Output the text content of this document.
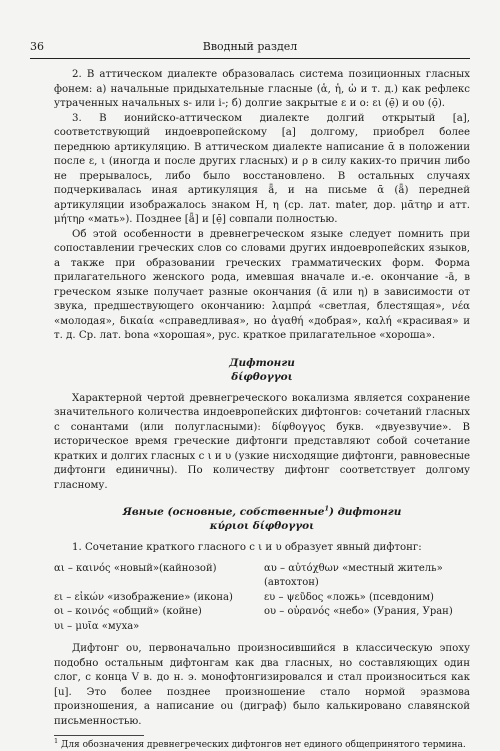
36	Вводный раздел

2. В аттическом диалекте образовалась система позиционных гласных фонем: а) начальные придыхательные гласные (ἁ, ἡ, ὡ и т. д.) как рефлекс утраченных начальных s- или i-; б) долгие закрытые ε и ο: ει (ẹ̄) и ου (ọ̄).

3. В ионийско-аттическом диалекте долгий открытый [a], соответствующий индоевропейскому [a] долгому, приобрел более переднюю артикуляцию. В аттическом диалекте написание ᾱ в положении после ε, ι (иногда и после других гласных) и ρ в силу каких-то причин либо не прерывалось, либо было восстановлено. В остальных случаях подчеркивалась иная артикуляция ǟ, и на письме ᾱ (ǟ) передней артикуляции изображалось знаком Η, η (ср. лат. mater, дор. μᾱτηρ и атт. μήτηρ «мать»). Позднее [ǟ] и [ẹ̄] совпали полностью.

Об этой особенности в древнегреческом языке следует помнить при сопоставлении греческих слов со словами других индоевропейских языков, а также при образовании греческих грамматических форм. Форма прилагательного женского рода, имевшая вначале и.-е. окончание -ā, в греческом языке получает разные окончания (ᾱ или η) в зависимости от звука, предшествующего окончанию: λαμπρά «светлая, блестящая», νέα «молодая», δικαία «справедливая», но ἀγαθή «добрая», καλή «красивая» и т. д. Ср. лат. bona «хорошая», рус. краткое прилагательное «хороша».

Дифтонги
δίφθογγοι

Характерной чертой древнегреческого вокализма является сохранение значительного количества индоевропейских дифтонгов: сочетаний гласных с сонантами (или полугласными): δίφθογγος букв. «двуезвучие». В историческое время греческие дифтонги представляют собой сочетание кратких и долгих гласных с ι и υ (узкие нисходящие дифтонги, равновесные дифтонги единичны). По количеству дифтонг соответствует долгому гласному.

Явные (основные, собственные$^1$) дифтонги
κύριοι δίφθογγοι

1. Сочетание краткого гласного с ι и υ образует явный дифтонг:

αι – καινός «новый»(кайнозой)	αυ – αὐτόχθων «местный житель» (автохтон)
ει – εἰκών «изображение» (икона)	ευ – ψεῦδος «ложь» (псевдоним)
οι – κοινός «общий» (койне)	ου – οὐρανός «небо» (Урания, Уран)
υι – μυῖα «муха»

Дифтонг ου, первоначально произносившийся в классическую эпоху подобно остальным дифтонгам как два гласных, но составляющих один слог, с конца V в. до н. э. монофтонгизировался и стал произноситься как [u]. Это более позднее произношение стало нормой эразмова произношения, а написание ou (диграф) было калькировано славянской письменностью.

$^1$ Для обозначения древнегреческих дифтонгов нет единого общепринятого термина.
